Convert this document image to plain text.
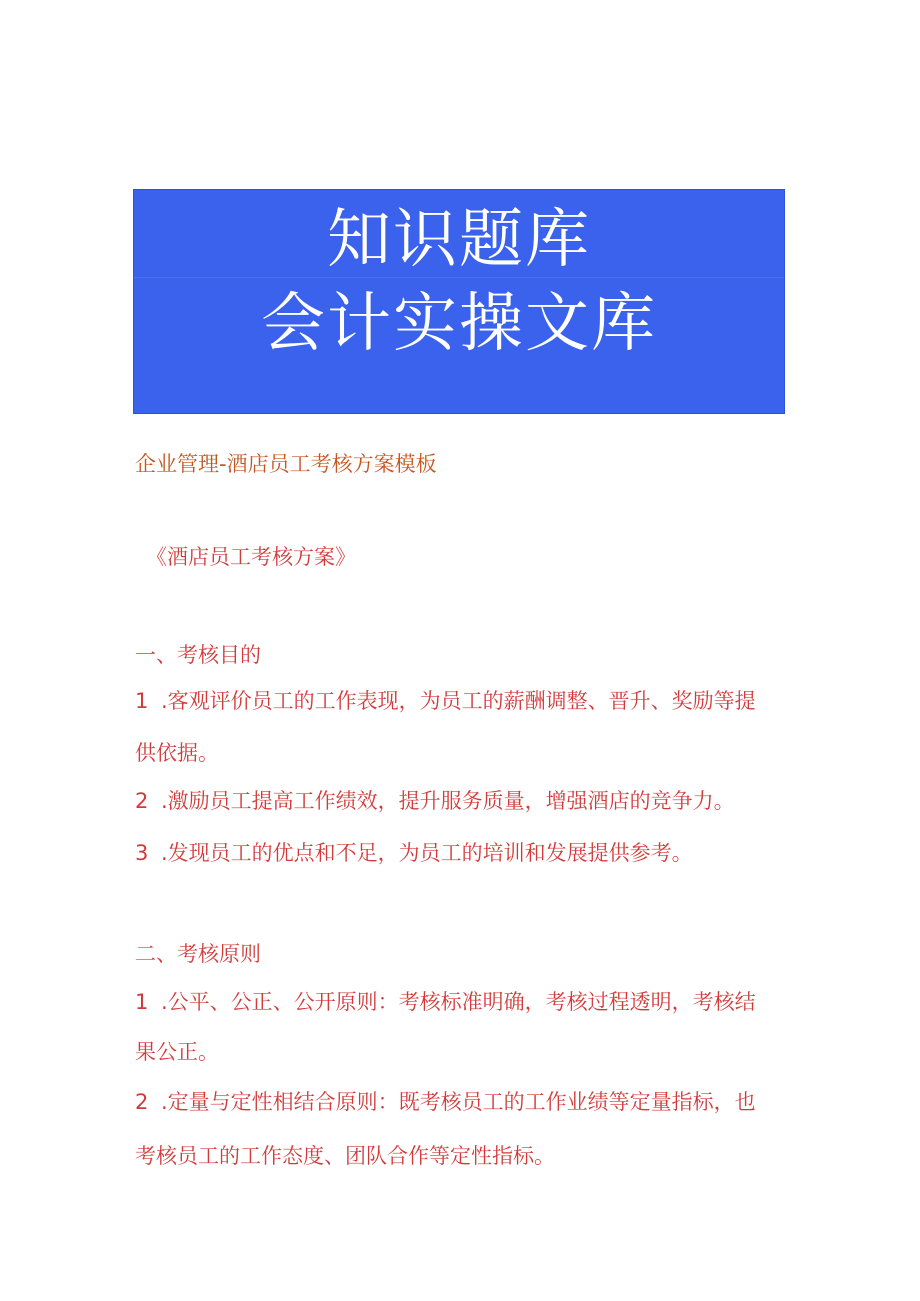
知识题库
会计实操文库
企业管理-酒店员工考核方案模板
《酒店员工考核方案》
一、考核目的
1 .客观评价员工的工作表现，为员工的薪酬调整、晋升、奖励等提
供依据。
2 .激励员工提高工作绩效，提升服务质量，增强酒店的竞争力。
3 .发现员工的优点和不足，为员工的培训和发展提供参考。
二、考核原则
1 .公平、公正、公开原则：考核标准明确，考核过程透明，考核结
果公正。
2 .定量与定性相结合原则：既考核员工的工作业绩等定量指标，也
考核员工的工作态度、团队合作等定性指标。
